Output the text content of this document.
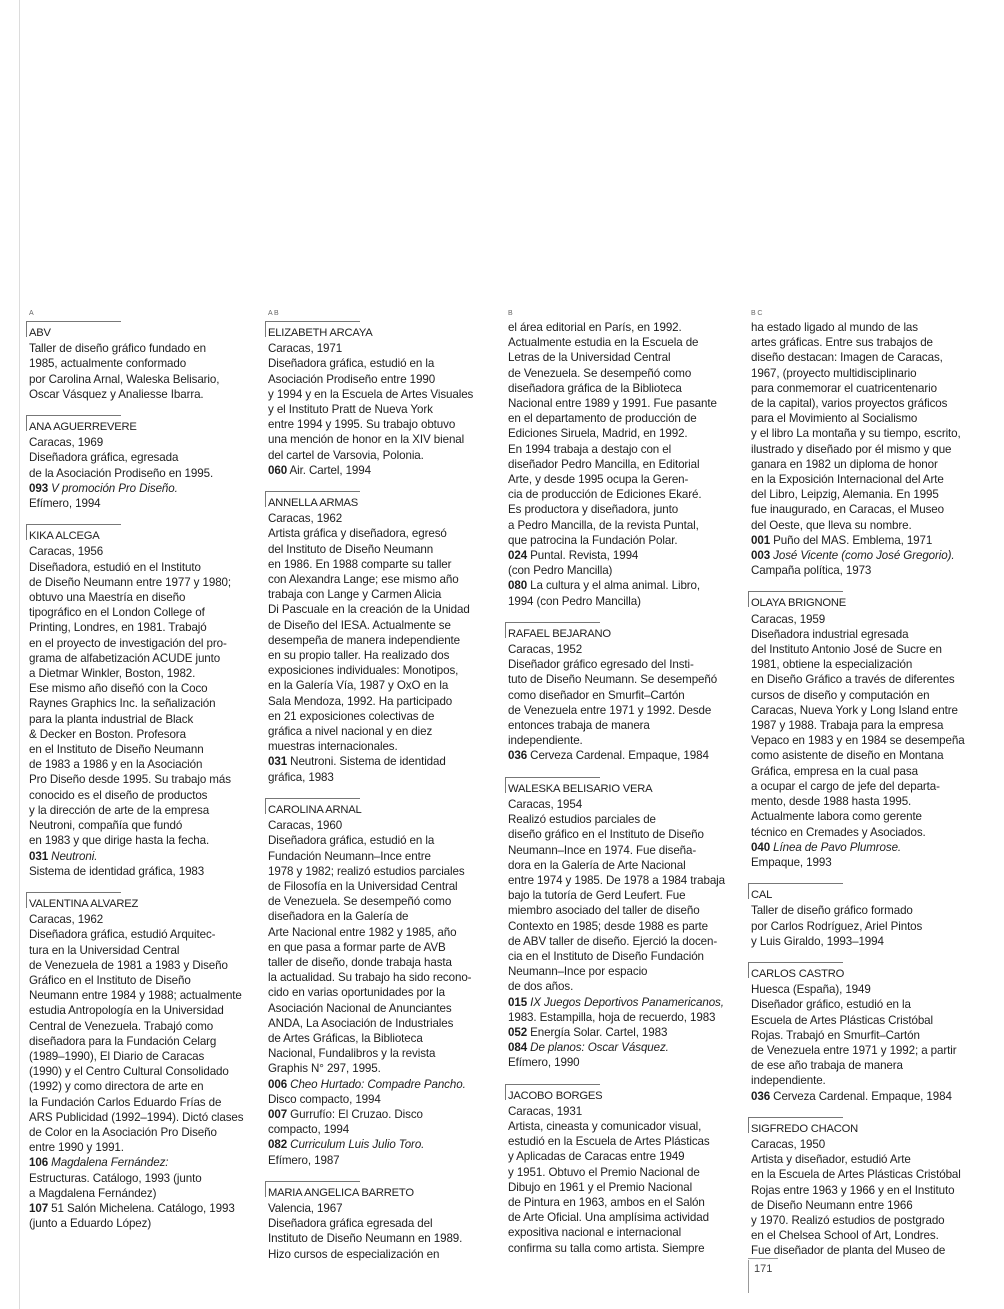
A
ABV
Taller de diseño gráfico fundado en
1985, actualmente conformado
por Carolina Arnal, Waleska Belisario,
Oscar Vásquez y Analiesse Ibarra.
ANA AGUERREVERE
Caracas, 1969
Diseñadora gráfica, egresada
de la Asociación Prodiseño en 1995.
093 V promoción Pro Diseño.
Efímero, 1994
KIKA ALCEGA
Caracas, 1956
Diseñadora, estudió en el Instituto
de Diseño Neumann entre 1977 y 1980;
obtuvo una Maestría en diseño
tipográfico en el London College of
Printing, Londres, en 1981. Trabajó
en el proyecto de investigación del pro-
grama de alfabetización ACUDE junto
a Dietmar Winkler, Boston, 1982.
Ese mismo año diseñó con la Coco
Raynes Graphics Inc. la señalización
para la planta industrial de Black
& Decker en Boston. Profesora
en el Instituto de Diseño Neumann
de 1983 a 1986 y en la Asociación
Pro Diseño desde 1995. Su trabajo más
conocido es el diseño de productos
y la dirección de arte de la empresa
Neutroni, compañía que fundó
en 1983 y que dirige hasta la fecha.
031 Neutroni.
Sistema de identidad gráfica, 1983
VALENTINA ALVAREZ
Caracas, 1962
Diseñadora gráfica, estudió Arquitec-
tura en la Universidad Central
de Venezuela de 1981 a 1983 y Diseño
Gráfico en el Instituto de Diseño
Neumann entre 1984 y 1988; actualmente
estudia Antropología en la Universidad
Central de Venezuela. Trabajó como
diseñadora para la Fundación Celarg
(1989–1990), El Diario de Caracas
(1990) y el Centro Cultural Consolidado
(1992) y como directora de arte en
la Fundación Carlos Eduardo Frías de
ARS Publicidad (1992–1994). Dictó clases
de Color en la Asociación Pro Diseño
entre 1990 y 1991.
106 Magdalena Fernández:
Estructuras. Catálogo, 1993 (junto
a Magdalena Fernández)
107 51 Salón Michelena. Catálogo, 1993
(junto a Eduardo López)
A B
ELIZABETH ARCAYA
Caracas, 1971
Diseñadora gráfica, estudió en la
Asociación Prodiseño entre 1990
y 1994 y en la Escuela de Artes Visuales
y el Instituto Pratt de Nueva York
entre 1994 y 1995. Su trabajo obtuvo
una mención de honor en la XIV bienal
del cartel de Varsovia, Polonia.
060 Air. Cartel, 1994
ANNELLA ARMAS
Caracas, 1962
Artista gráfica y diseñadora, egresó
del Instituto de Diseño Neumann
en 1986. En 1988 comparte su taller
con Alexandra Lange; ese mismo año
trabaja con Lange y Carmen Alicia
Di Pascuale en la creación de la Unidad
de Diseño del IESA. Actualmente se
desempeña de manera independiente
en su propio taller. Ha realizado dos
exposiciones individuales: Monotipos,
en la Galería Vía, 1987 y OxO en la
Sala Mendoza, 1992. Ha participado
en 21 exposiciones colectivas de
gráfica a nivel nacional y en diez
muestras internacionales.
031 Neutroni. Sistema de identidad
gráfica, 1983
CAROLINA ARNAL
Caracas, 1960
Diseñadora gráfica, estudió en la
Fundación Neumann–Ince entre
1978 y 1982; realizó estudios parciales
de Filosofía en la Universidad Central
de Venezuela. Se desempeñó como
diseñadora en la Galería de
Arte Nacional entre 1982 y 1985, año
en que pasa a formar parte de AVB
taller de diseño, donde trabaja hasta
la actualidad. Su trabajo ha sido recono-
cido en varias oportunidades por la
Asociación Nacional de Anunciantes
ANDA, La Asociación de Industriales
de Artes Gráficas, la Biblioteca
Nacional, Fundalibros y la revista
Graphis N° 297, 1995.
006 Cheo Hurtado: Compadre Pancho.
Disco compacto, 1994
007 Gurrufío: El Cruzao. Disco
compacto, 1994
082 Curriculum Luis Julio Toro.
Efímero, 1987
MARIA ANGELICA BARRETO
Valencia, 1967
Diseñadora gráfica egresada del
Instituto de Diseño Neumann en 1989.
Hizo cursos de especialización en
B
el área editorial en París, en 1992.
Actualmente estudia en la Escuela de
Letras de la Universidad Central
de Venezuela. Se desempeñó como
diseñadora gráfica de la Biblioteca
Nacional entre 1989 y 1991. Fue pasante
en el departamento de producción de
Ediciones Siruela, Madrid, en 1992.
En 1994 trabaja a destajo con el
diseñador Pedro Mancilla, en Editorial
Arte, y desde 1995 ocupa la Geren-
cia de producción de Ediciones Ekaré.
Es productora y diseñadora, junto
a Pedro Mancilla, de la revista Puntal,
que patrocina la Fundación Polar.
024 Puntal. Revista, 1994
(con Pedro Mancilla)
080 La cultura y el alma animal. Libro,
1994 (con Pedro Mancilla)
RAFAEL BEJARANO
Caracas, 1952
Diseñador gráfico egresado del Insti-
tuto de Diseño Neumann. Se desempeñó
como diseñador en Smurfit–Cartón
de Venezuela entre 1971 y 1992. Desde
entonces trabaja de manera
independiente.
036 Cerveza Cardenal. Empaque, 1984
WALESKA BELISARIO VERA
Caracas, 1954
Realizó estudios parciales de
diseño gráfico en el Instituto de Diseño
Neumann–Ince en 1974. Fue diseña-
dora en la Galería de Arte Nacional
entre 1974 y 1985. De 1978 a 1984 trabaja
bajo la tutoría de Gerd Leufert. Fue
miembro asociado del taller de diseño
Contexto en 1985; desde 1988 es parte
de ABV taller de diseño. Ejerció la docen-
cia en el Instituto de Diseño Fundación
Neumann–Ince por espacio
de dos años.
015 IX Juegos Deportivos Panamericanos,
1983. Estampilla, hoja de recuerdo, 1983
052 Energía Solar. Cartel, 1983
084 De planos: Oscar Vásquez.
Efímero, 1990
JACOBO BORGES
Caracas, 1931
Artista, cineasta y comunicador visual,
estudió en la Escuela de Artes Plásticas
y Aplicadas de Caracas entre 1949
y 1951. Obtuvo el Premio Nacional de
Dibujo en 1961 y el Premio Nacional
de Pintura en 1963, ambos en el Salón
de Arte Oficial. Una amplísima actividad
expositiva nacional e internacional
confirma su talla como artista. Siempre
B C
ha estado ligado al mundo de las
artes gráficas. Entre sus trabajos de
diseño destacan: Imagen de Caracas,
1967, (proyecto multidisciplinario
para conmemorar el cuatricentenario
de la capital), varios proyectos gráficos
para el Movimiento al Socialismo
y el libro La montaña y su tiempo, escrito,
ilustrado y diseñado por él mismo y que
ganara en 1982 un diploma de honor
en la Exposición Internacional del Arte
del Libro, Leipzig, Alemania. En 1995
fue inaugurado, en Caracas, el Museo
del Oeste, que lleva su nombre.
001 Puño del MAS. Emblema, 1971
003 José Vicente (como José Gregorio).
Campaña política, 1973
OLAYA BRIGNONE
Caracas, 1959
Diseñadora industrial egresada
del Instituto Antonio José de Sucre en
1981, obtiene la especialización
en Diseño Gráfico a través de diferentes
cursos de diseño y computación en
Caracas, Nueva York y Long Island entre
1987 y 1988. Trabaja para la empresa
Vepaco en 1983 y en 1984 se desempeña
como asistente de diseño en Montana
Gráfica, empresa en la cual pasa
a ocupar el cargo de jefe del departa-
mento, desde 1988 hasta 1995.
Actualmente labora como gerente
técnico en Cremades y Asociados.
040 Línea de Pavo Plumrose.
Empaque, 1993
CAL
Taller de diseño gráfico formado
por Carlos Rodríguez, Ariel Pintos
y Luis Giraldo, 1993–1994
CARLOS CASTRO
Huesca (España), 1949
Diseñador gráfico, estudió en la
Escuela de Artes Plásticas Cristóbal
Rojas. Trabajó en Smurfit–Cartón
de Venezuela entre 1971 y 1992; a partir
de ese año trabaja de manera
independiente.
036 Cerveza Cardenal. Empaque, 1984
SIGFREDO CHACON
Caracas, 1950
Artista y diseñador, estudió Arte
en la Escuela de Artes Plásticas Cristóbal
Rojas entre 1963 y 1966 y en el Instituto
de Diseño Neumann entre 1966
y 1970. Realizó estudios de postgrado
en el Chelsea School of Art, Londres.
Fue diseñador de planta del Museo de
171
